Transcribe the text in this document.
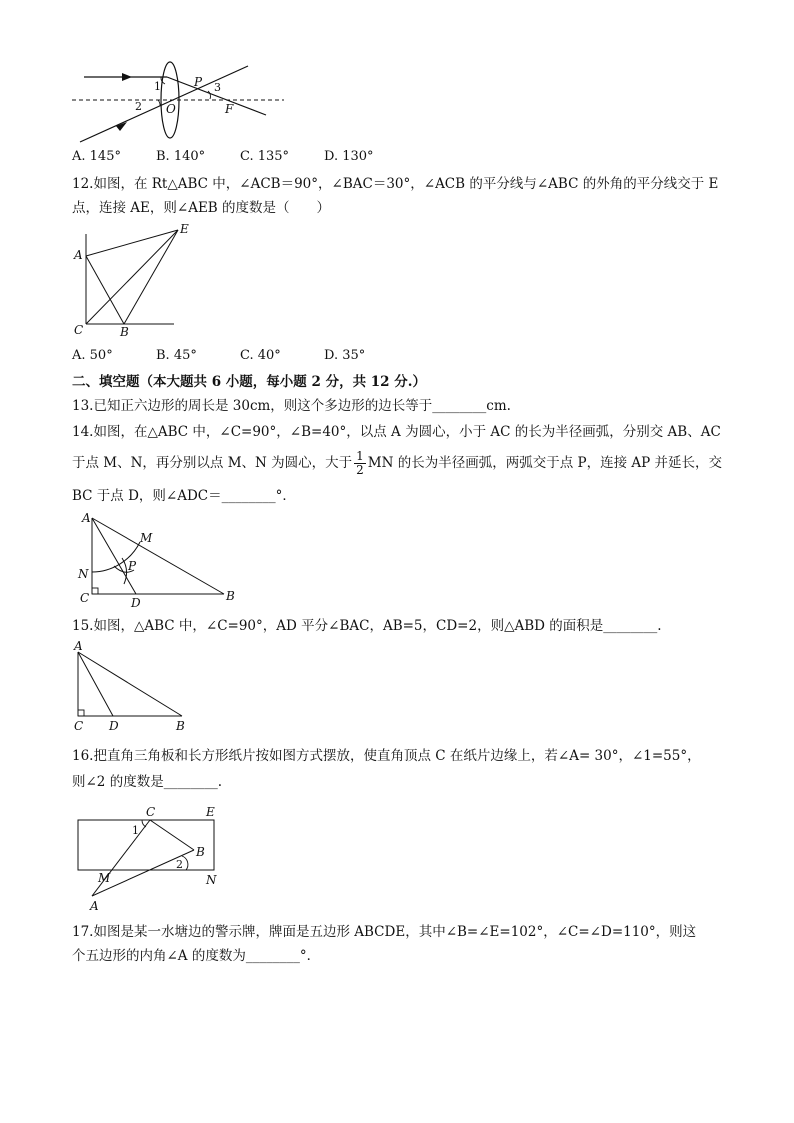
1
2
3
O
P
F
A. 145°	B. 140°	C. 135°	D. 130°
12.如图，在 Rt△ABC 中，∠ACB＝90°，∠BAC＝30°，∠ACB 的平分线与∠ABC 的外角的平分线交于 E
点，连接 AE，则∠AEB 的度数是（　　）
A
C	B
E
A. 50°	B. 45°	C. 40°	D. 35°
二、填空题（本大题共 6 小题，每小题 2 分，共 12 分.）
13.已知正六边形的周长是 30cm，则这个多边形的边长等于________cm.
14.如图，在△ABC 中，∠C=90°，∠B=40°，以点 A 为圆心，小于 AC 的长为半径画弧，分别交 AB、AC
于点 M、N，再分别以点 M、N 为圆心，大于 $\frac{1}{2}$ MN 的长为半径画弧，两弧交于点 P，连接 AP 并延长，交
BC 于点 D，则∠ADC＝________°．
A
M
N
P
C	D	B
15.如图，△ABC 中，∠C=90°，AD 平分∠BAC，AB=5，CD=2，则△ABD 的面积是________.
A
C D	B
16.把直角三角板和长方形纸片按如图方式摆放，使直角顶点 C 在纸片边缘上，若∠A= 30°，∠1=55°，
则∠2 的度数是________.
C	E
B
N
M
A
1
2
17.如图是某一水塘边的警示牌，牌面是五边形 ABCDE，其中∠B=∠E=102°，∠C=∠D=110°，则这
个五边形的内角∠A 的度数为________°．
